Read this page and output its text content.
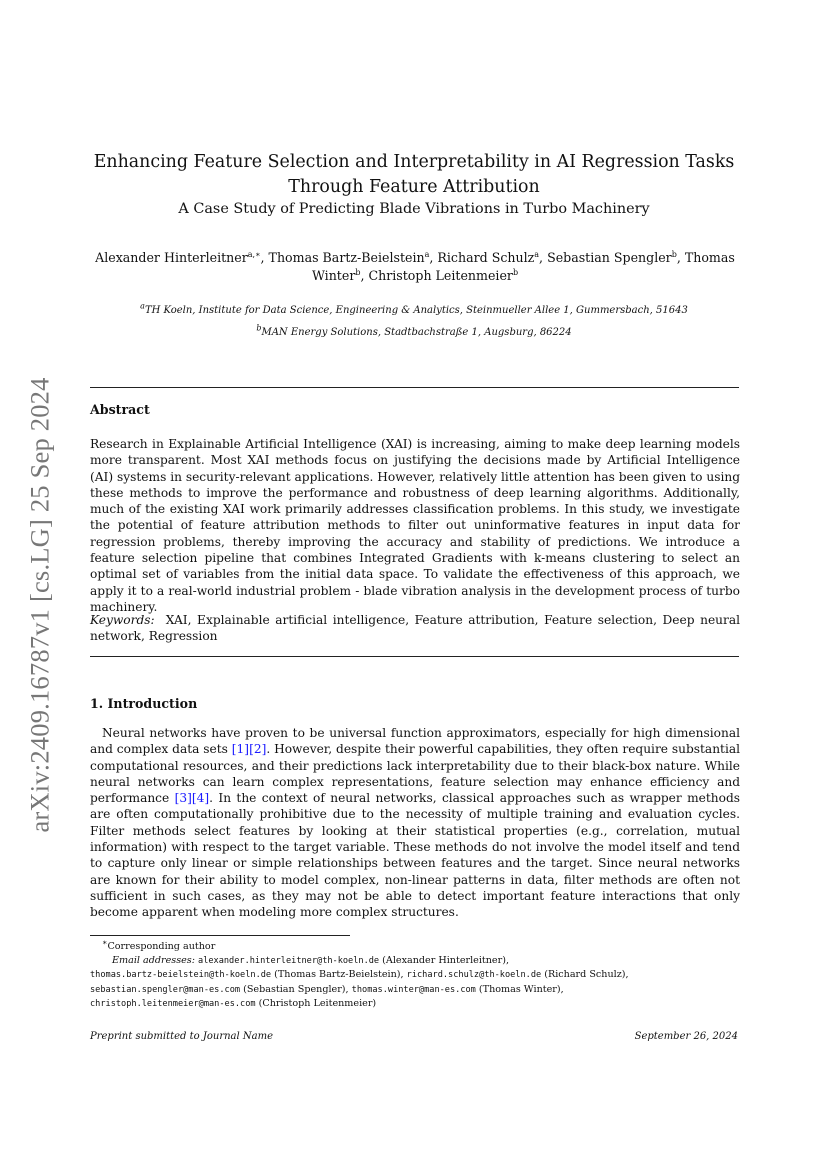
arXiv:2409.16787v1 [cs.LG] 25 Sep 2024
Enhancing Feature Selection and Interpretability in AI Regression Tasks
Through Feature Attribution

A Case Study of Predicting Blade Vibrations in Turbo Machinery

Alexander Hinterleitner$^{a,∗}$, Thomas Bartz-Beielstein$^a$, Richard Schulz$^a$, Sebastian Spengler$^b$, Thomas Winter$^b$, Christoph Leitenmeier$^b$
$^a$TH Koeln, Institute for Data Science, Engineering & Analytics, Steinmueller Allee 1, Gummersbach, 51643
$^b$MAN Energy Solutions, Stadtbachstraße 1, Augsburg, 86224
Abstract

Research in Explainable Artificial Intelligence (XAI) is increasing, aiming to make deep learning models more transparent. Most XAI methods focus on justifying the decisions made by Artificial Intelligence (AI) systems in security-relevant applications. However, relatively little attention has been given to using these methods to improve the performance and robustness of deep learning algorithms. Additionally, much of the existing XAI work primarily addresses classification problems. In this study, we investigate the potential of feature attribution methods to filter out uninformative features in input data for regression problems, thereby improving the accuracy and stability of predictions. We introduce a feature selection pipeline that combines Integrated Gradients with k-means clustering to select an optimal set of variables from the initial data space. To validate the effectiveness of this approach, we apply it to a real-world industrial problem - blade vibration analysis in the development process of turbo machinery.

Keywords: XAI, Explainable artificial intelligence, Feature attribution, Feature selection, Deep neural network, Regression

1. Introduction

Neural networks have proven to be universal function approximators, especially for high dimensional and complex data sets [1][2]. However, despite their powerful capabilities, they often require substantial computational resources, and their predictions lack interpretability due to their black-box nature. While neural networks can learn complex representations, feature selection may enhance efficiency and performance [3][4]. In the context of neural networks, classical approaches such as wrapper methods are often computationally prohibitive due to the necessity of multiple training and evaluation cycles. Filter methods select features by looking at their statistical properties (e.g., correlation, mutual information) with respect to the target variable. These methods do not involve the model itself and tend to capture only linear or simple relationships between features and the target. Since neural networks are known for their ability to model complex, non-linear patterns in data, filter methods are often not sufficient in such cases, as they may not be able to detect important feature interactions that only become apparent when modeling more complex structures.

∗Corresponding author

Email addresses: alexander.hinterleitner@th-koeln.de (Alexander Hinterleitner),

thomas.bartz-beielstein@th-koeln.de (Thomas Bartz-Beielstein), richard.schulz@th-koeln.de (Richard Schulz),

sebastian.spengler@man-es.com (Sebastian Spengler), thomas.winter@man-es.com (Thomas Winter),

christoph.leitenmeier@man-es.com (Christoph Leitenmeier)

Preprint submitted to Journal Name	September 26, 2024
